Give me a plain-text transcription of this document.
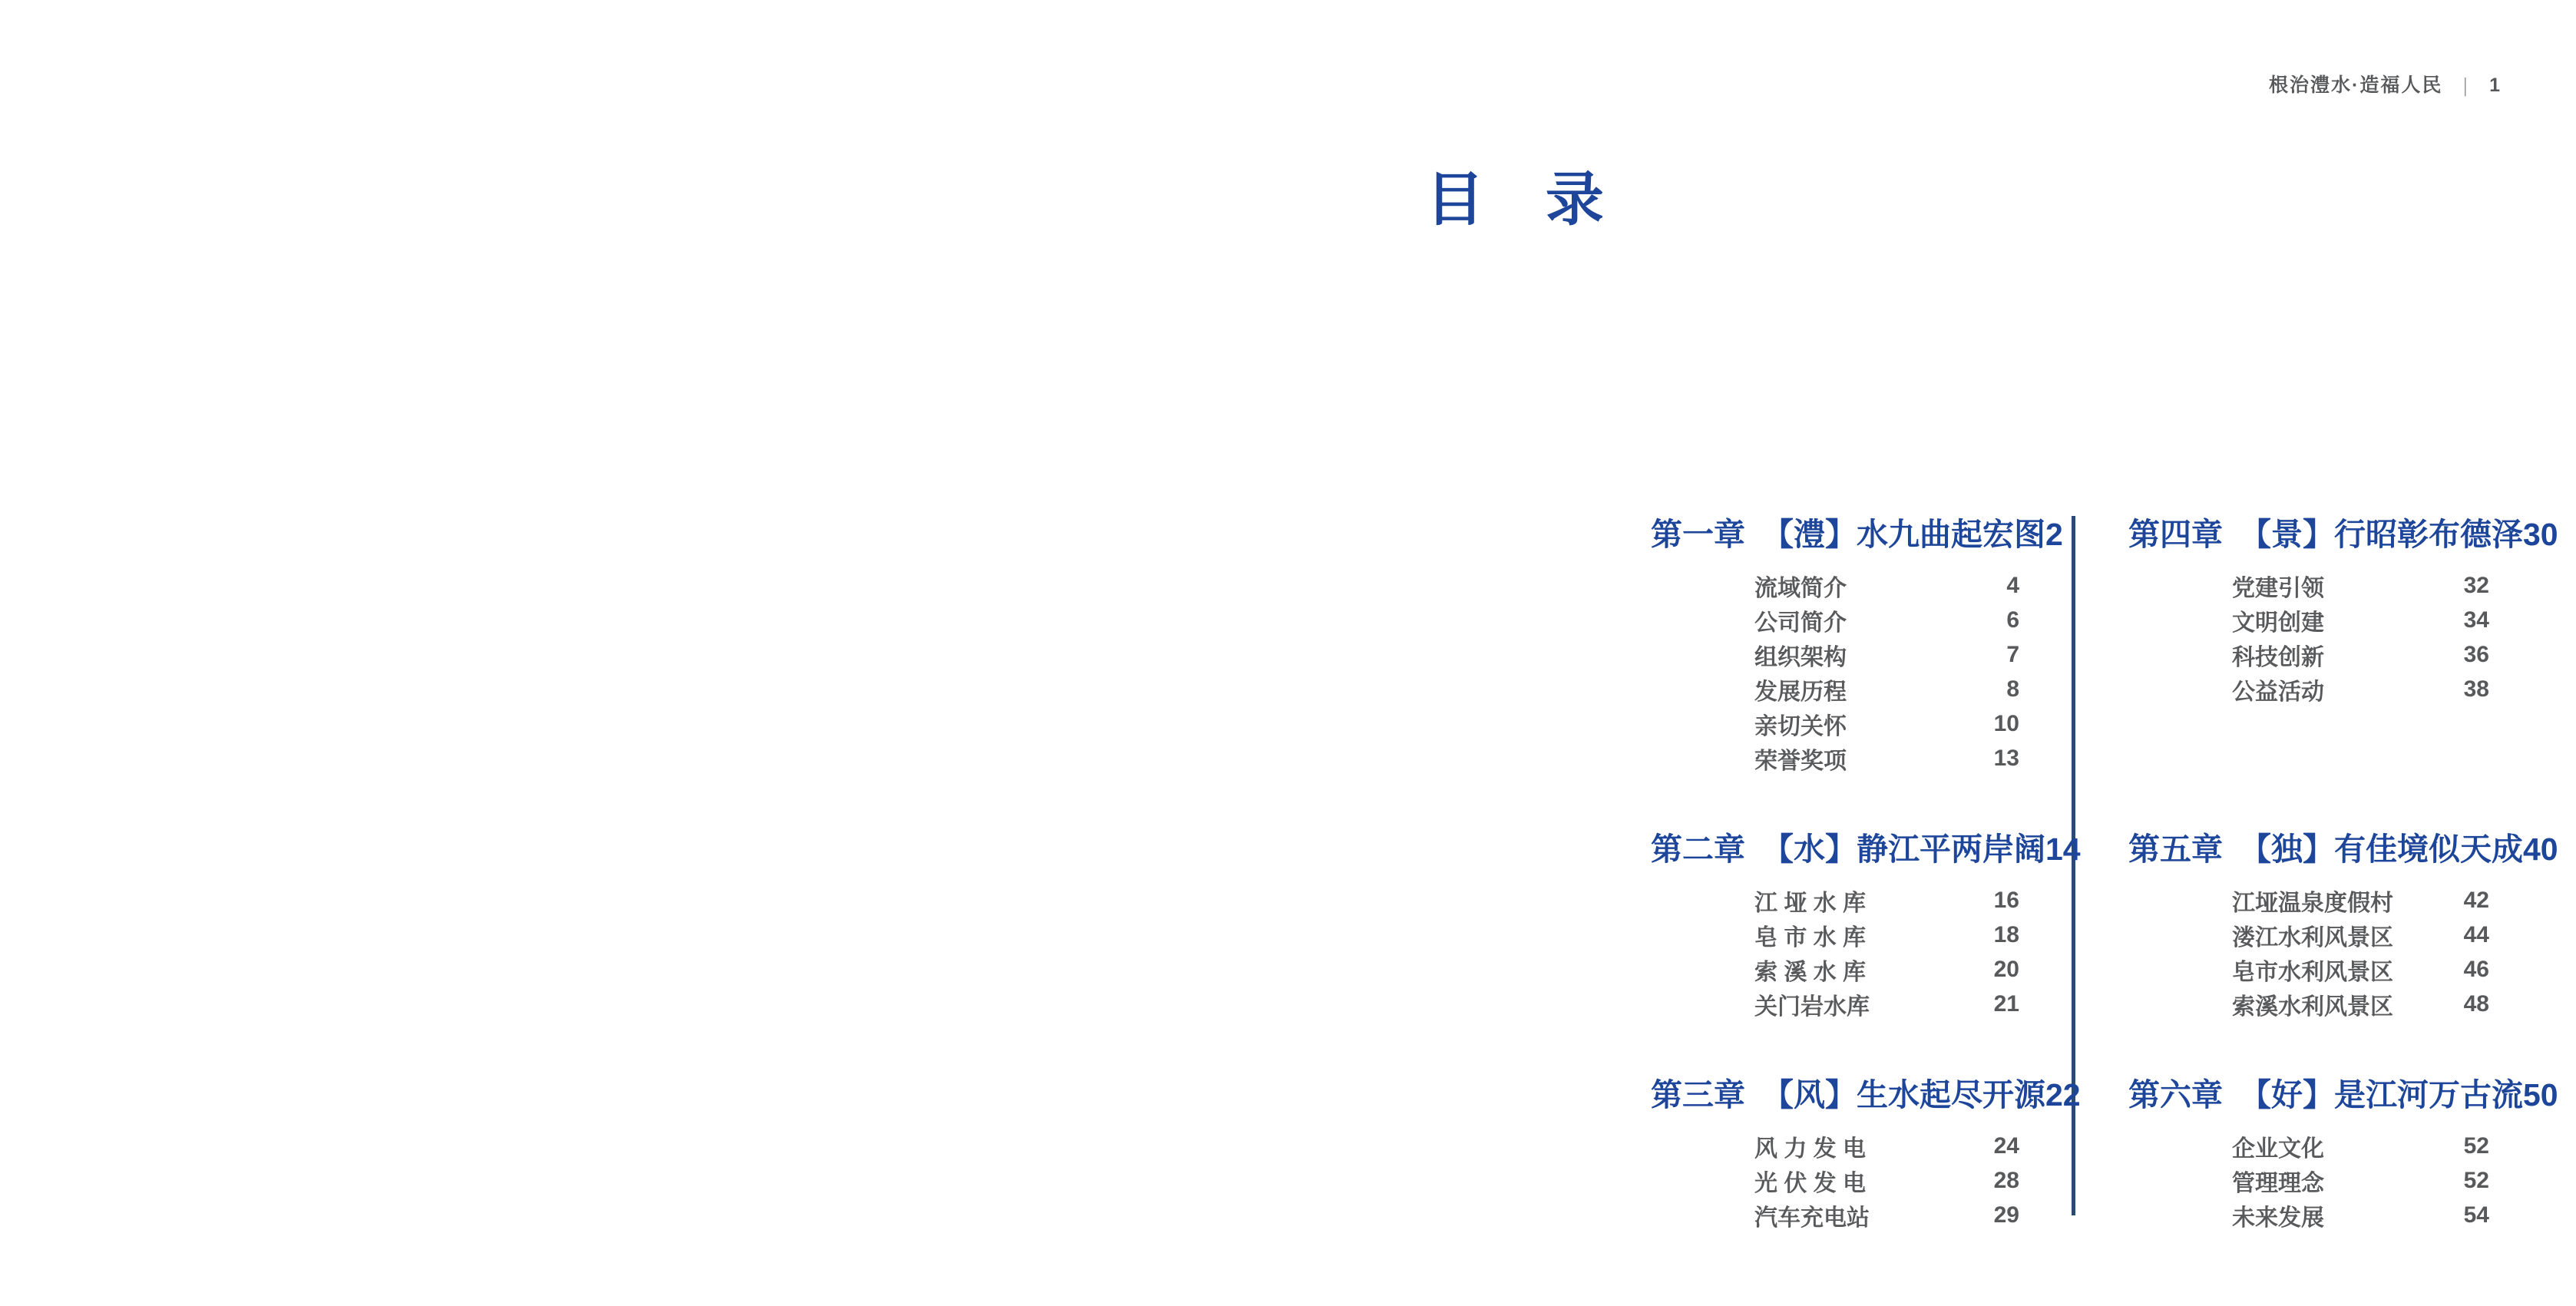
根治澧水·造福人民 | 1
目 录
第一章 【澧】水九曲起宏图 2
流域简介	4
公司简介	6
组织架构	7
发展历程	8
亲切关怀	10
荣誉奖项	13
第二章 【水】静江平两岸阔 14
江 垭 水 库	16
皂 市 水 库	18
索 溪 水 库	20
关门岩水库	21
第三章 【风】生水起尽开源 22
风 力 发 电	24
光 伏 发 电	28
汽车充电站	29
第四章 【景】行昭彰布德泽 30
党建引领	32
文明创建	34
科技创新	36
公益活动	38
第五章 【独】有佳境似天成 40
江垭温泉度假村	42
溇江水利风景区	44
皂市水利风景区	46
索溪水利风景区	48
第六章 【好】是江河万古流 50
企业文化	52
管理理念	52
未来发展	54
